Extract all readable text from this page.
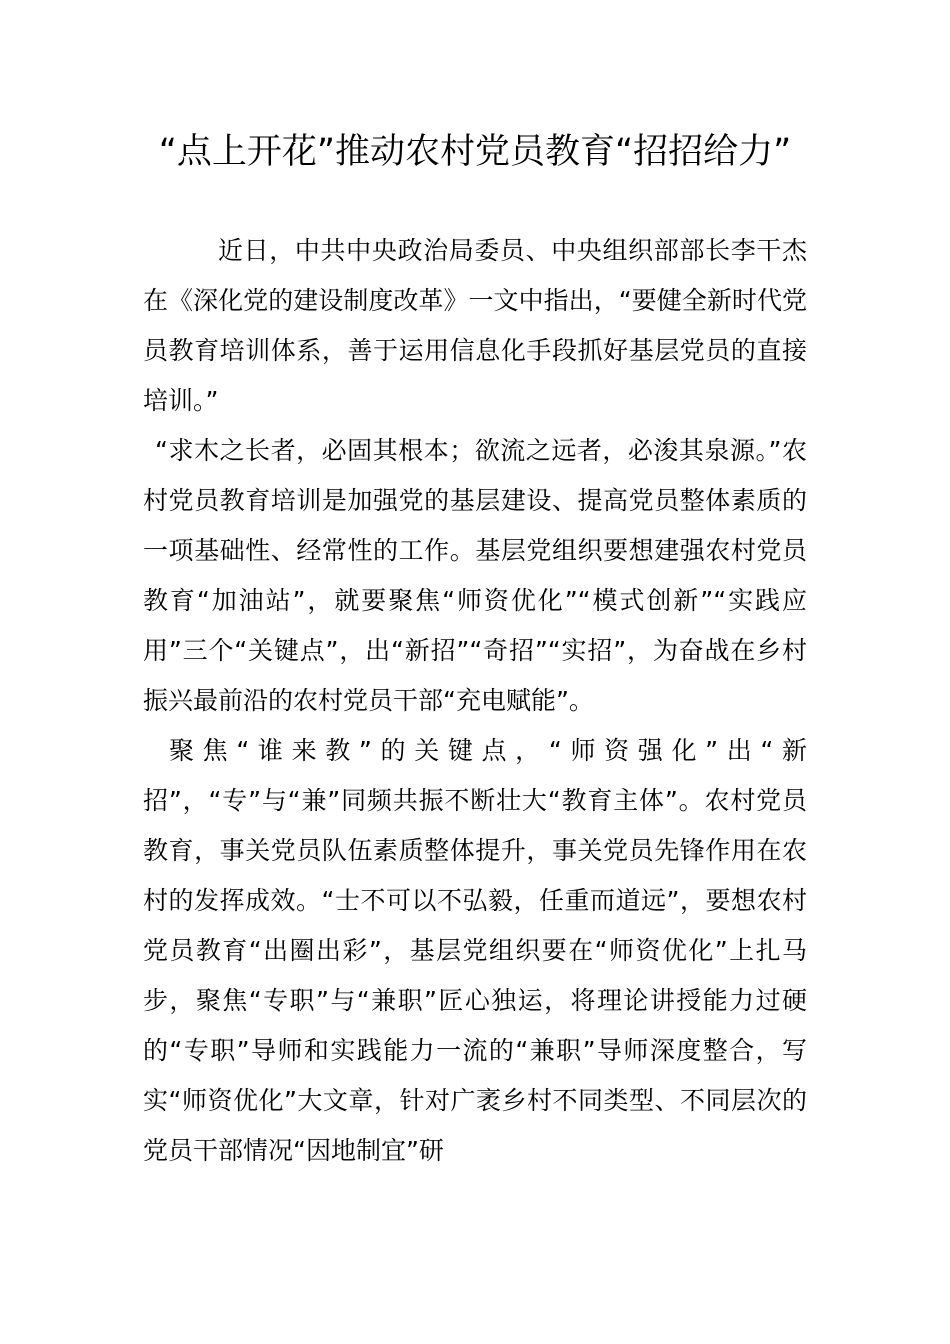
“点上开花”推动农村党员教育“招招给力”

近日，中共中央政治局委员、中央组织部部长李干杰在《深化党的建设制度改革》一文中指出，“要健全新时代党员教育培训体系，善于运用信息化手段抓好基层党员的直接培训。”

“求木之长者，必固其根本；欲流之远者，必浚其泉源。”农村党员教育培训是加强党的基层建设、提高党员整体素质的一项基础性、经常性的工作。基层党组织要想建强农村党员教育“加油站”，就要聚焦“师资优化”“模式创新”“实践应用”三个“关键点”，出“新招”“奇招”“实招”，为奋战在乡村振兴最前沿的农村党员干部“充电赋能”。

聚焦“谁来教”的关键点，“师资强化”出“新招”，“专”与“兼”同频共振不断壮大“教育主体”。农村党员教育，事关党员队伍素质整体提升，事关党员先锋作用在农村的发挥成效。“士不可以不弘毅，任重而道远”，要想农村党员教育“出圈出彩”，基层党组织要在“师资优化”上扎马步，聚焦“专职”与“兼职”匠心独运，将理论讲授能力过硬的“专职”导师和实践能力一流的“兼职”导师深度整合，写实“师资优化”大文章，针对广袤乡村不同类型、不同层次的党员干部情况“因地制宜”研
